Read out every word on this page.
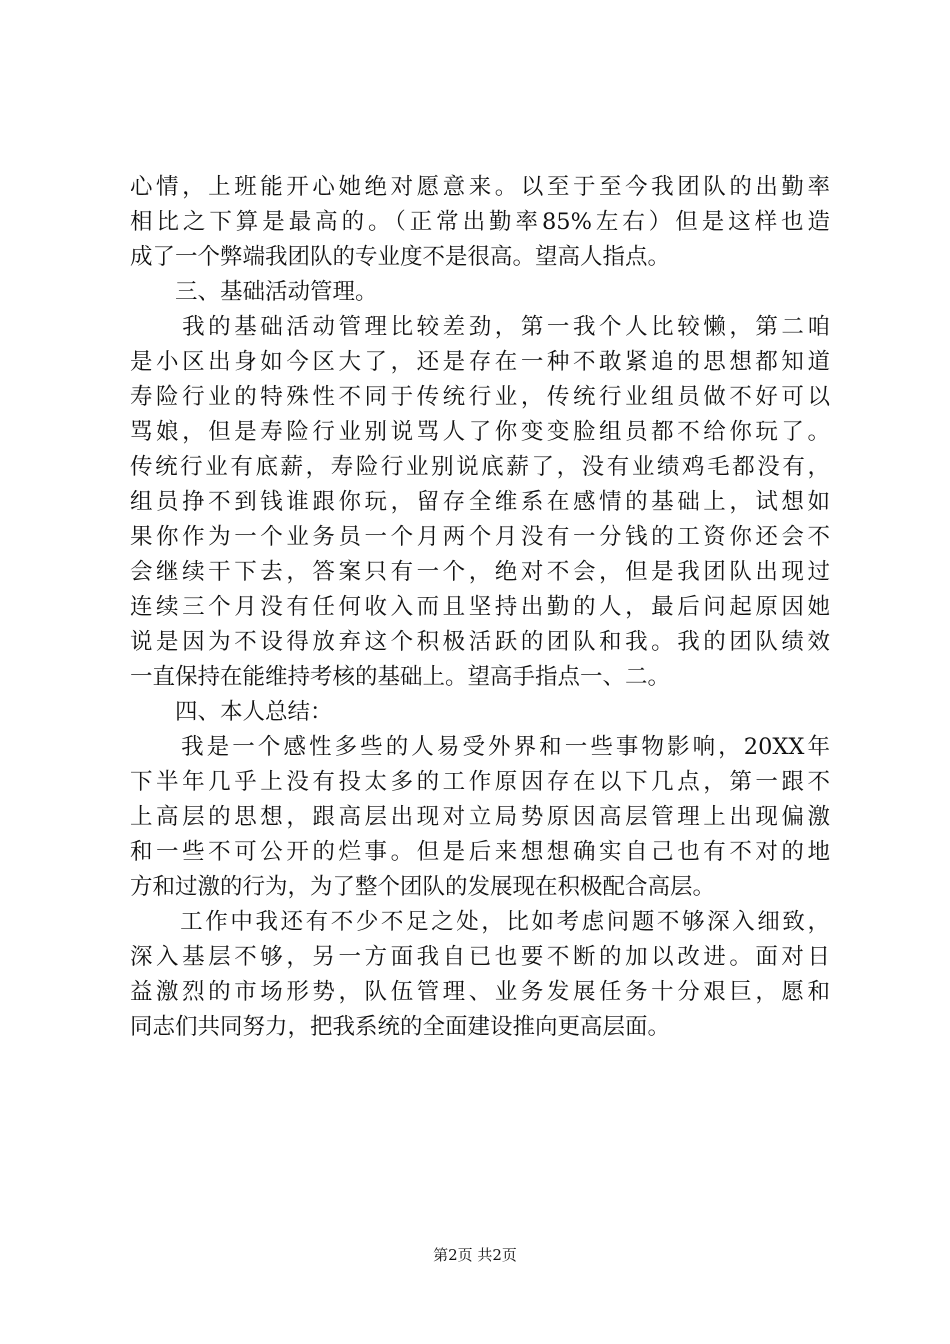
心情，上班能开心她绝对愿意来。以至于至今我团队的出勤率
相比之下算是最高的。（正常出勤率85%左右）但是这样也造
成了一个弊端我团队的专业度不是很高。望高人指点。
　　三、基础活动管理。
　　我的基础活动管理比较差劲，第一我个人比较懒，第二咱
是小区出身如今区大了，还是存在一种不敢紧追的思想都知道
寿险行业的特殊性不同于传统行业，传统行业组员做不好可以
骂娘，但是寿险行业别说骂人了你变变脸组员都不给你玩了。
传统行业有底薪，寿险行业别说底薪了，没有业绩鸡毛都没有，
组员挣不到钱谁跟你玩，留存全维系在感情的基础上，试想如
果你作为一个业务员一个月两个月没有一分钱的工资你还会不
会继续干下去，答案只有一个，绝对不会，但是我团队出现过
连续三个月没有任何收入而且坚持出勤的人，最后问起原因她
说是因为不设得放弃这个积极活跃的团队和我。我的团队绩效
一直保持在能维持考核的基础上。望高手指点一、二。
　　四、本人总结：
　　我是一个感性多些的人易受外界和一些事物影响，20XX年
下半年几乎上没有投太多的工作原因存在以下几点，第一跟不
上高层的思想，跟高层出现对立局势原因高层管理上出现偏激
和一些不可公开的烂事。但是后来想想确实自己也有不对的地
方和过激的行为，为了整个团队的发展现在积极配合高层。
　　工作中我还有不少不足之处，比如考虑问题不够深入细致，
深入基层不够，另一方面我自已也要不断的加以改进。面对日
益激烈的市场形势，队伍管理、业务发展任务十分艰巨，愿和
同志们共同努力，把我系统的全面建设推向更高层面。
第2页 共2页
